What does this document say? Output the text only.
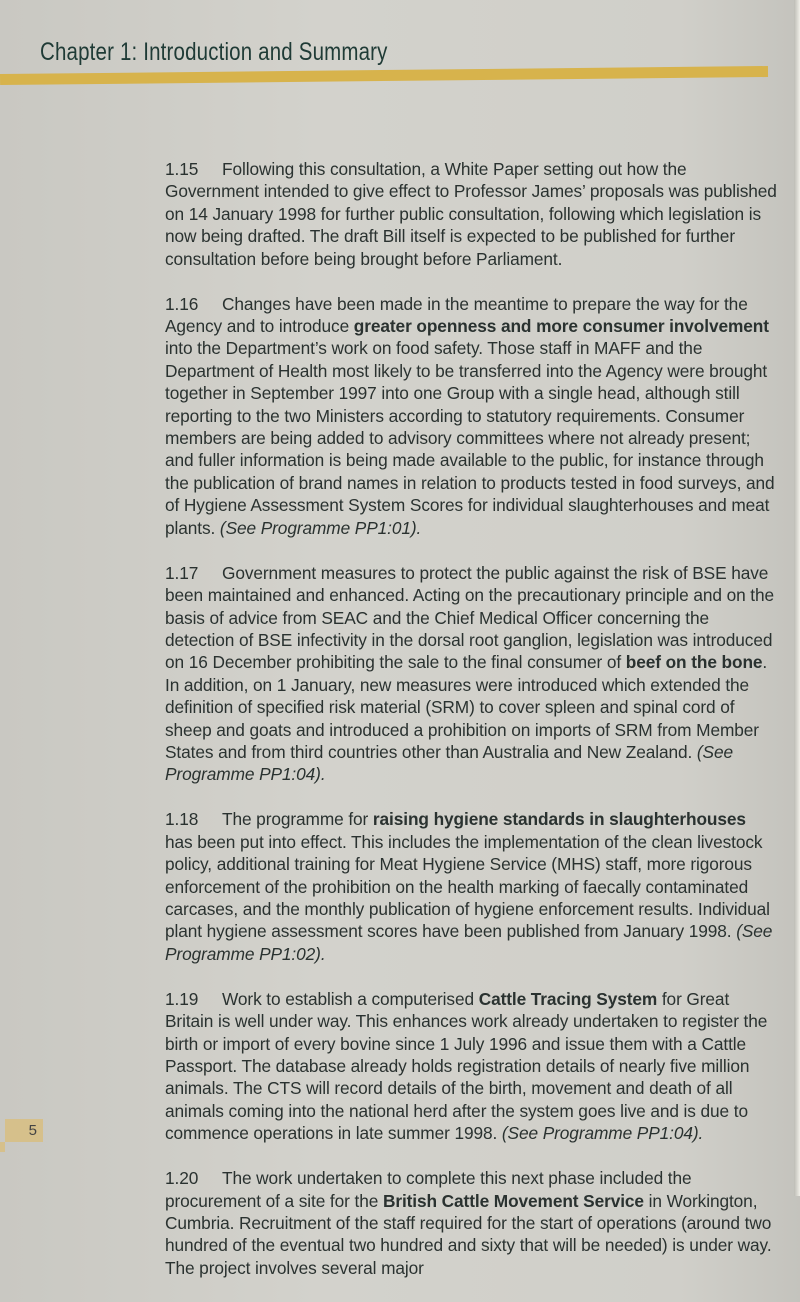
Chapter 1: Introduction and Summary

1.15 Following this consultation, a White Paper setting out how the Government intended to give effect to Professor James’ proposals was published on 14 January 1998 for further public consultation, following which legislation is now being drafted. The draft Bill itself is expected to be published for further consultation before being brought before Parliament.

1.16 Changes have been made in the meantime to prepare the way for the Agency and to introduce greater openness and more consumer involvement into the Department’s work on food safety. Those staff in MAFF and the Department of Health most likely to be transferred into the Agency were brought together in September 1997 into one Group with a single head, although still reporting to the two Ministers according to statutory requirements. Consumer members are being added to advisory committees where not already present; and fuller information is being made available to the public, for instance through the publication of brand names in relation to products tested in food surveys, and of Hygiene Assessment System Scores for individual slaughterhouses and meat plants. (See Programme PP1:01).

1.17 Government measures to protect the public against the risk of BSE have been maintained and enhanced. Acting on the precautionary principle and on the basis of advice from SEAC and the Chief Medical Officer concerning the detection of BSE infectivity in the dorsal root ganglion, legislation was introduced on 16 December prohibiting the sale to the final consumer of beef on the bone. In addition, on 1 January, new measures were introduced which extended the definition of specified risk material (SRM) to cover spleen and spinal cord of sheep and goats and introduced a prohibition on imports of SRM from Member States and from third countries other than Australia and New Zealand. (See Programme PP1:04).

1.18 The programme for raising hygiene standards in slaughterhouses has been put into effect. This includes the implementation of the clean livestock policy, additional training for Meat Hygiene Service (MHS) staff, more rigorous enforcement of the prohibition on the health marking of faecally contaminated carcases, and the monthly publication of hygiene enforcement results. Individual plant hygiene assessment scores have been published from January 1998. (See Programme PP1:02).

1.19 Work to establish a computerised Cattle Tracing System for Great Britain is well under way. This enhances work already undertaken to register the birth or import of every bovine since 1 July 1996 and issue them with a Cattle Passport. The database already holds registration details of nearly five million animals. The CTS will record details of the birth, movement and death of all animals coming into the national herd after the system goes live and is due to commence operations in late summer 1998. (See Programme PP1:04).

1.20 The work undertaken to complete this next phase included the procurement of a site for the British Cattle Movement Service in Workington, Cumbria. Recruitment of the staff required for the start of operations (around two hundred of the eventual two hundred and sixty that will be needed) is under way. The project involves several major

5
